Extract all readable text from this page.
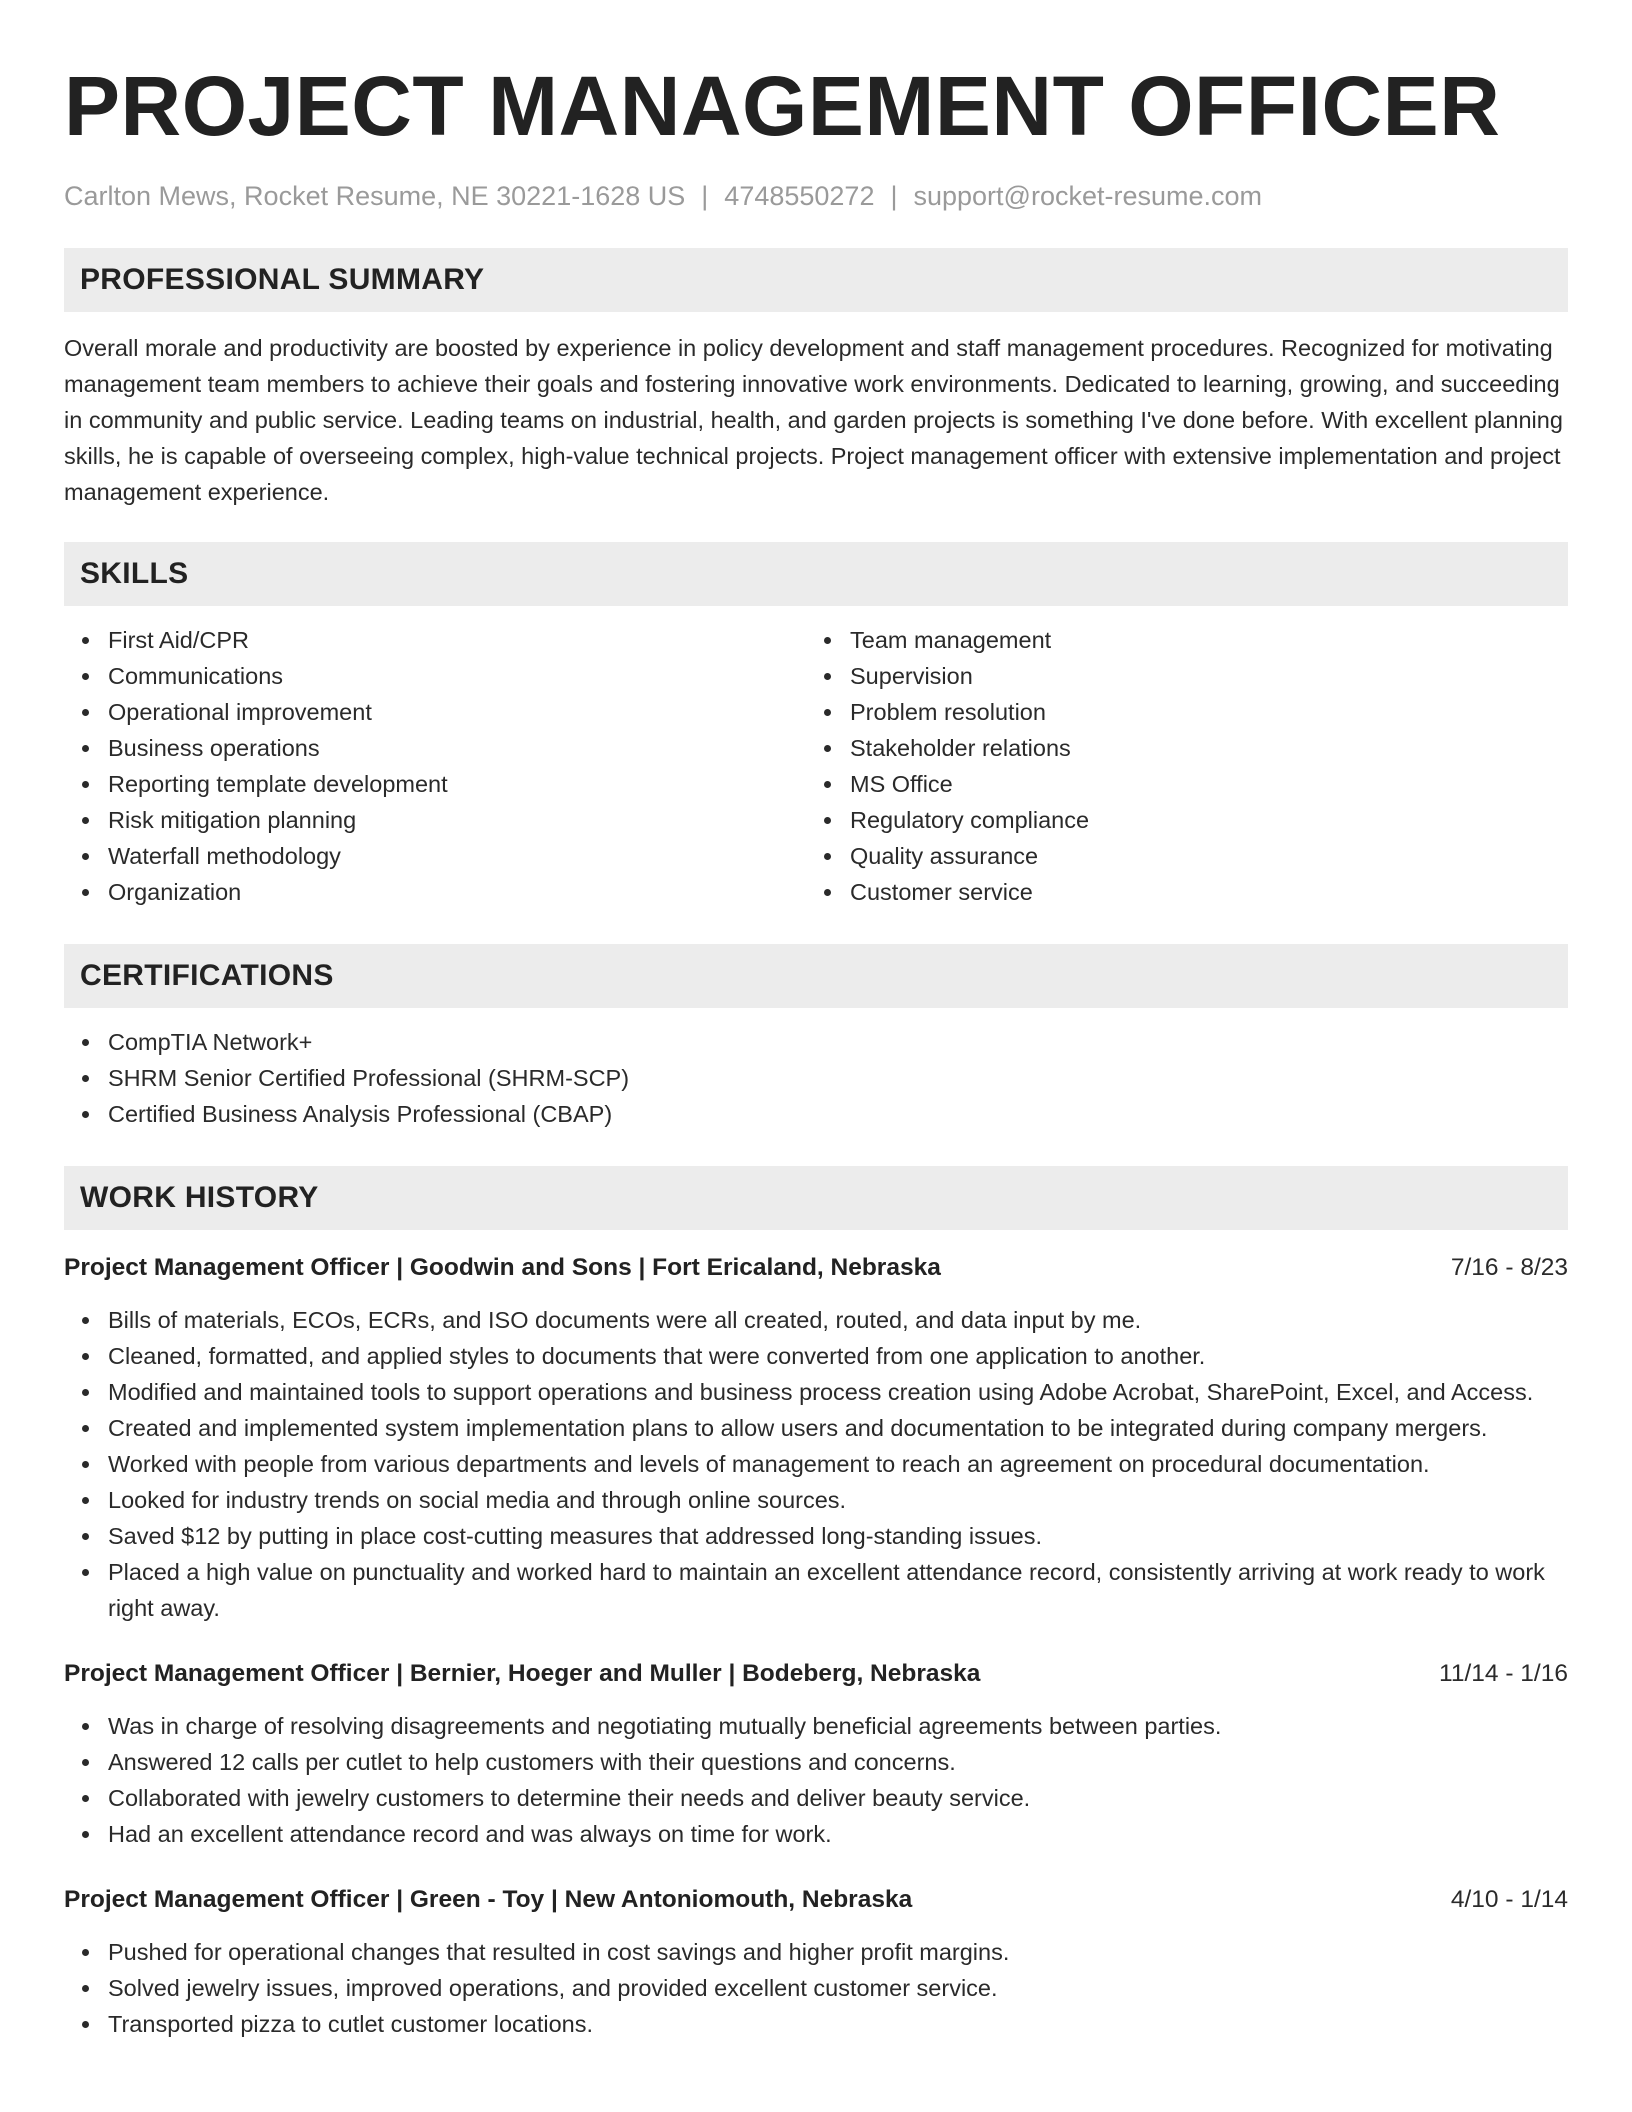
PROJECT MANAGEMENT OFFICER
Carlton Mews, Rocket Resume, NE 30221-1628 US | 4748550272 | support@rocket-resume.com
PROFESSIONAL SUMMARY

Overall morale and productivity are boosted by experience in policy development and staff management procedures. Recognized for motivating management team members to achieve their goals and fostering innovative work environments. Dedicated to learning, growing, and succeeding in community and public service. Leading teams on industrial, health, and garden projects is something I've done before. With excellent planning skills, he is capable of overseeing complex, high-value technical projects. Project management officer with extensive implementation and project management experience.

SKILLS
First Aid/CPR
Communications
Operational improvement
Business operations
Reporting template development
Risk mitigation planning
Waterfall methodology
Organization
Team management
Supervision
Problem resolution
Stakeholder relations
MS Office
Regulatory compliance
Quality assurance
Customer service
CERTIFICATIONS
CompTIA Network+
SHRM Senior Certified Professional (SHRM-SCP)
Certified Business Analysis Professional (CBAP)
WORK HISTORY
Project Management Officer | Goodwin and Sons | Fort Ericaland, Nebraska	7/16 - 8/23
Bills of materials, ECOs, ECRs, and ISO documents were all created, routed, and data input by me.
Cleaned, formatted, and applied styles to documents that were converted from one application to another.
Modified and maintained tools to support operations and business process creation using Adobe Acrobat, SharePoint, Excel, and Access.
Created and implemented system implementation plans to allow users and documentation to be integrated during company mergers.
Worked with people from various departments and levels of management to reach an agreement on procedural documentation.
Looked for industry trends on social media and through online sources.
Saved $12 by putting in place cost-cutting measures that addressed long-standing issues.
Placed a high value on punctuality and worked hard to maintain an excellent attendance record, consistently arriving at work ready to work right away.
Project Management Officer | Bernier, Hoeger and Muller | Bodeberg, Nebraska	11/14 - 1/16
Was in charge of resolving disagreements and negotiating mutually beneficial agreements between parties.
Answered 12 calls per cutlet to help customers with their questions and concerns.
Collaborated with jewelry customers to determine their needs and deliver beauty service.
Had an excellent attendance record and was always on time for work.
Project Management Officer | Green - Toy | New Antoniomouth, Nebraska	4/10 - 1/14
Pushed for operational changes that resulted in cost savings and higher profit margins.
Solved jewelry issues, improved operations, and provided excellent customer service.
Transported pizza to cutlet customer locations.
